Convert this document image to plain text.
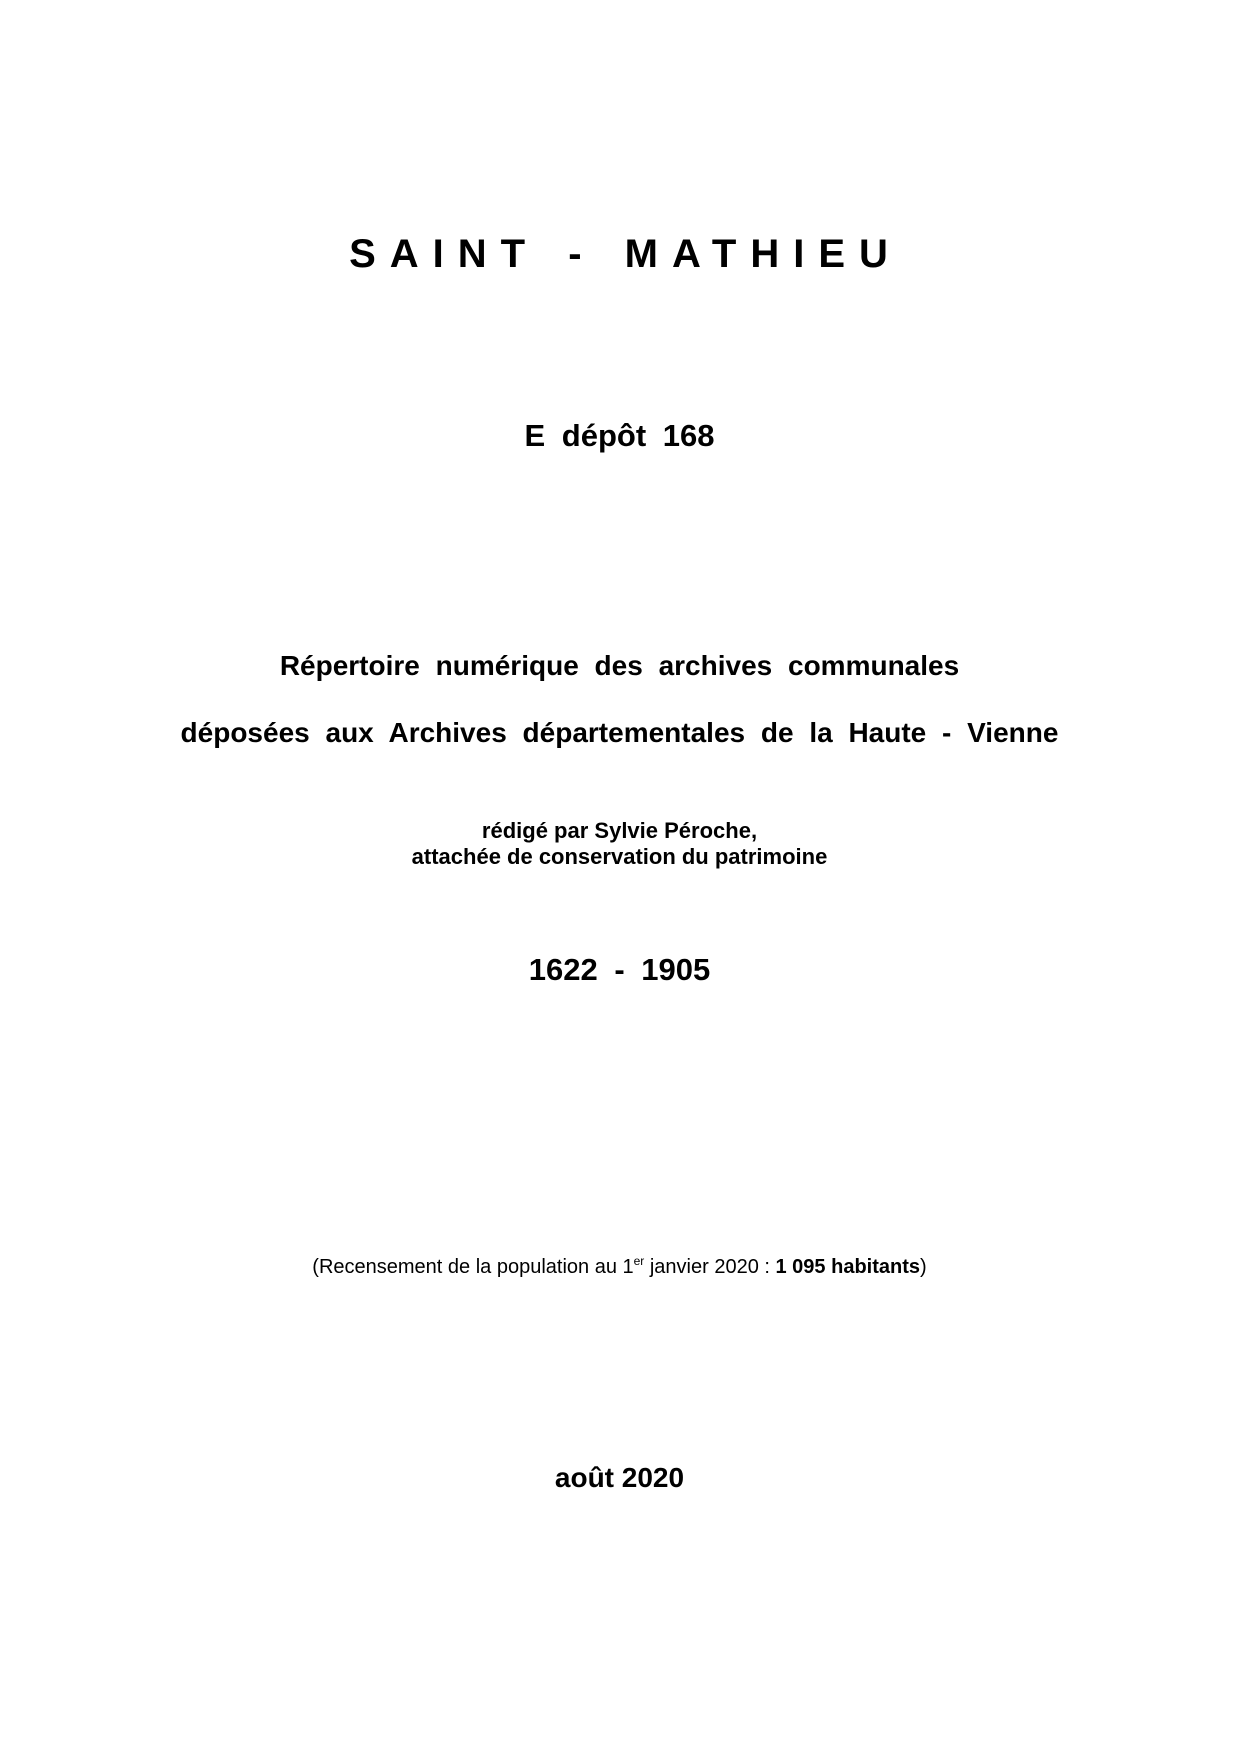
SAINT - MATHIEU
E dépôt 168
Répertoire numérique des archives communales
déposées aux Archives départementales de la Haute - Vienne
rédigé par Sylvie Péroche,
attachée de conservation du patrimoine
1622 - 1905
(Recensement de la population au 1er janvier 2020 : 1 095 habitants)
août 2020
